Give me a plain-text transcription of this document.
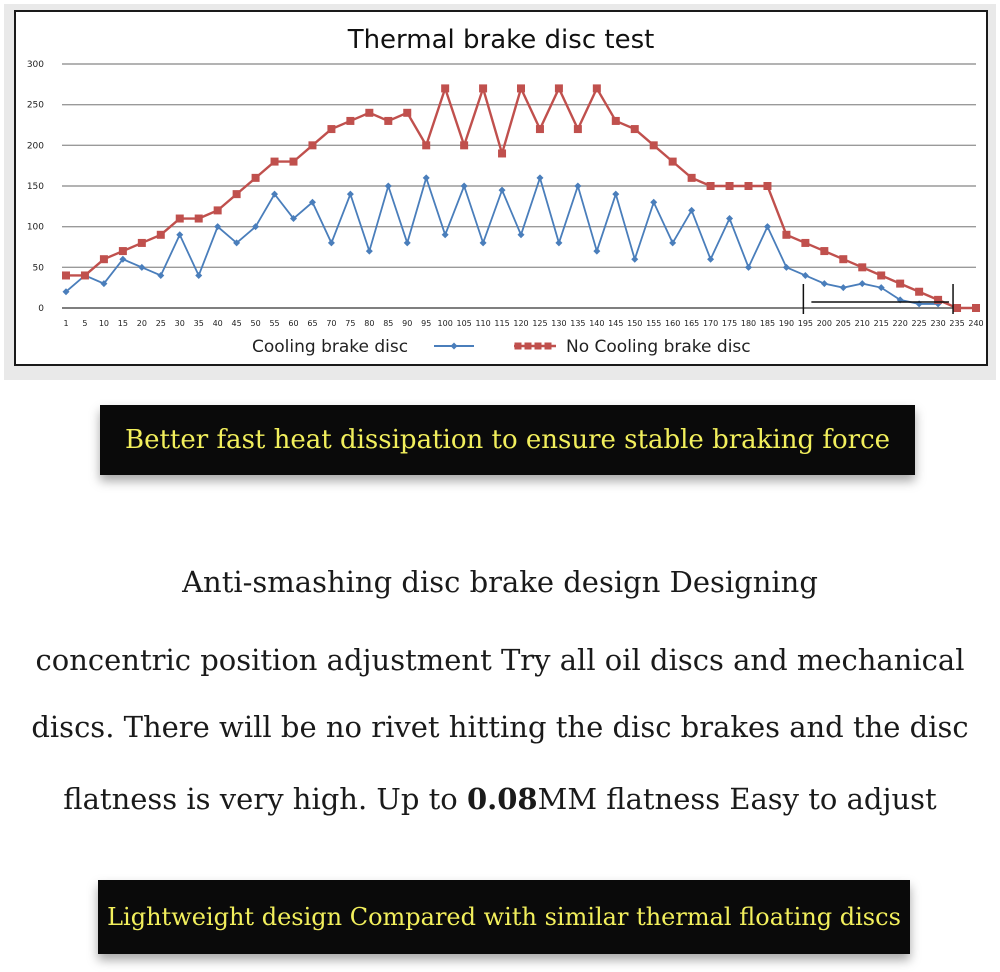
Thermal brake disc test
0
50
100
150
200
250
300
1 5 10 15 20 25 30 35 40 45 50 55 60 65 70 75 80 85 90 95 100 105 110 115 120 125 130 135 140 145 150 155 160 165 170 175 180 185 190 195 200 205 210 215 220 225 230 235 240
Cooling brake disc	No Cooling brake disc
Better fast heat dissipation to ensure stable braking force
Anti-smashing disc brake design Designing
concentric position adjustment Try all oil discs and mechanical
discs. There will be no rivet hitting the disc brakes and the disc
flatness is very high. Up to 0.08MM flatness Easy to adjust
Lightweight design Compared with similar thermal floating discs
